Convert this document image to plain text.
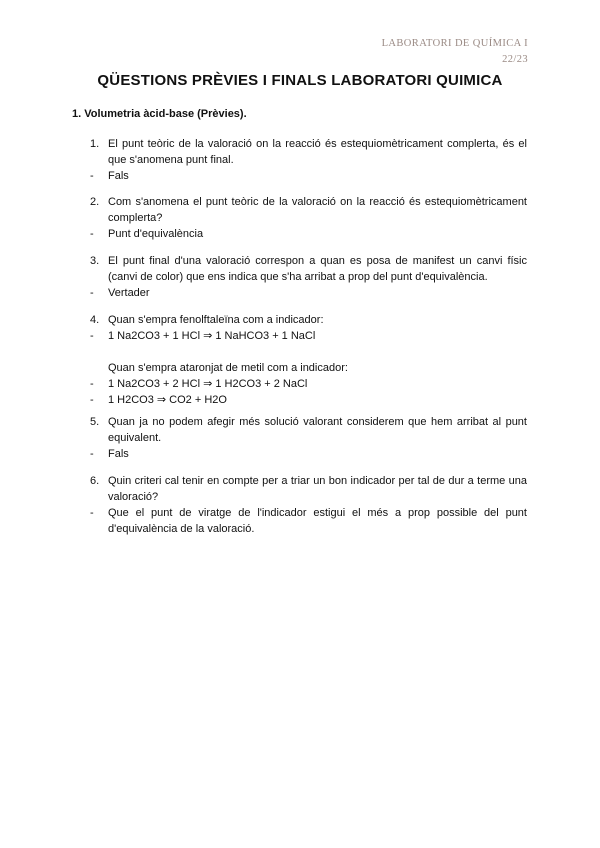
LABORATORI DE QUÍMICA I
22/23
QÜESTIONS PRÈVIES I FINALS LABORATORI QUIMICA
1. Volumetria àcid-base (Prèvies).
1. El punt teòric de la valoració on la reacció és estequiomètricament complerta, és el que s'anomena punt final.
-	Fals
2. Com s'anomena el punt teòric de la valoració on la reacció és estequiomètricament complerta?
-	Punt d'equivalència
3. El punt final d'una valoració correspon a quan es posa de manifest un canvi físic (canvi de color) que ens indica que s'ha arribat a prop del punt d'equivalència.
-	Vertader
4. Quan s'empra fenolftaleïna com a indicador:
-	1 Na2CO3 + 1 HCl ⇒ 1 NaHCO3 + 1 NaCl
Quan s'empra ataronjat de metil com a indicador:
-	1 Na2CO3 + 2 HCl ⇒ 1 H2CO3 + 2 NaCl
-	1 H2CO3 ⇒ CO2 + H2O
5. Quan ja no podem afegir més solució valorant considerem que hem arribat al punt equivalent.
-	Fals
6. Quin criteri cal tenir en compte per a triar un bon indicador per tal de dur a terme una valoració?
-	Que el punt de viratge de l'indicador estigui el més a prop possible del punt d'equivalència de la valoració.
